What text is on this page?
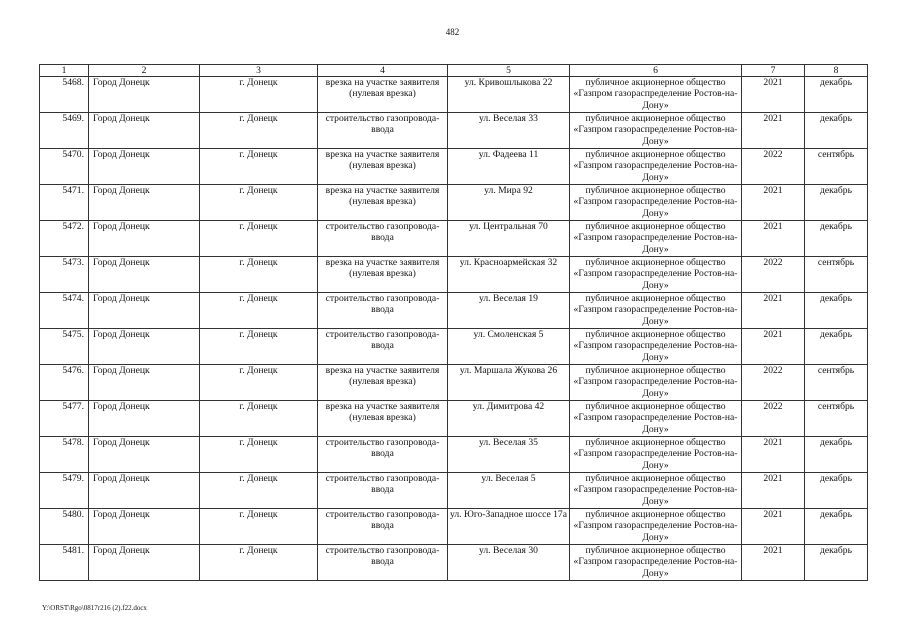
482
1	2	3	4	5	6	7	8
5468.	Город Донецк	г. Донецк	врезка на участке заявителя (нулевая врезка)	ул. Кривошлыкова 22	публичное акционерное общество «Газпром газораспределение Ростов-на-Дону»	2021	декабрь
5469.	Город Донецк	г. Донецк	строительство газопровода-ввода	ул. Веселая 33	публичное акционерное общество «Газпром газораспределение Ростов-на-Дону»	2021	декабрь
5470.	Город Донецк	г. Донецк	врезка на участке заявителя (нулевая врезка)	ул. Фадеева 11	публичное акционерное общество «Газпром газораспределение Ростов-на-Дону»	2022	сентябрь
5471.	Город Донецк	г. Донецк	врезка на участке заявителя (нулевая врезка)	ул. Мира 92	публичное акционерное общество «Газпром газораспределение Ростов-на-Дону»	2021	декабрь
5472.	Город Донецк	г. Донецк	строительство газопровода-ввода	ул. Центральная 70	публичное акционерное общество «Газпром газораспределение Ростов-на-Дону»	2021	декабрь
5473.	Город Донецк	г. Донецк	врезка на участке заявителя (нулевая врезка)	ул. Красноармейская 32	публичное акционерное общество «Газпром газораспределение Ростов-на-Дону»	2022	сентябрь
5474.	Город Донецк	г. Донецк	строительство газопровода-ввода	ул. Веселая 19	публичное акционерное общество «Газпром газораспределение Ростов-на-Дону»	2021	декабрь
5475.	Город Донецк	г. Донецк	строительство газопровода-ввода	ул. Смоленская 5	публичное акционерное общество «Газпром газораспределение Ростов-на-Дону»	2021	декабрь
5476.	Город Донецк	г. Донецк	врезка на участке заявителя (нулевая врезка)	ул. Маршала Жукова 26	публичное акционерное общество «Газпром газораспределение Ростов-на-Дону»	2022	сентябрь
5477.	Город Донецк	г. Донецк	врезка на участке заявителя (нулевая врезка)	ул. Димитрова 42	публичное акционерное общество «Газпром газораспределение Ростов-на-Дону»	2022	сентябрь
5478.	Город Донецк	г. Донецк	строительство газопровода-ввода	ул. Веселая 35	публичное акционерное общество «Газпром газораспределение Ростов-на-Дону»	2021	декабрь
5479.	Город Донецк	г. Донецк	строительство газопровода-ввода	ул. Веселая 5	публичное акционерное общество «Газпром газораспределение Ростов-на-Дону»	2021	декабрь
5480.	Город Донецк	г. Донецк	строительство газопровода-ввода	ул. Юго-Западное шоссе 17а	публичное акционерное общество «Газпром газораспределение Ростов-на-Дону»	2021	декабрь
5481.	Город Донецк	г. Донецк	строительство газопровода-ввода	ул. Веселая 30	публичное акционерное общество «Газпром газораспределение Ростов-на-Дону»	2021	декабрь
Y:\ORST\Rgo\0817r216 (2).f22.docx
